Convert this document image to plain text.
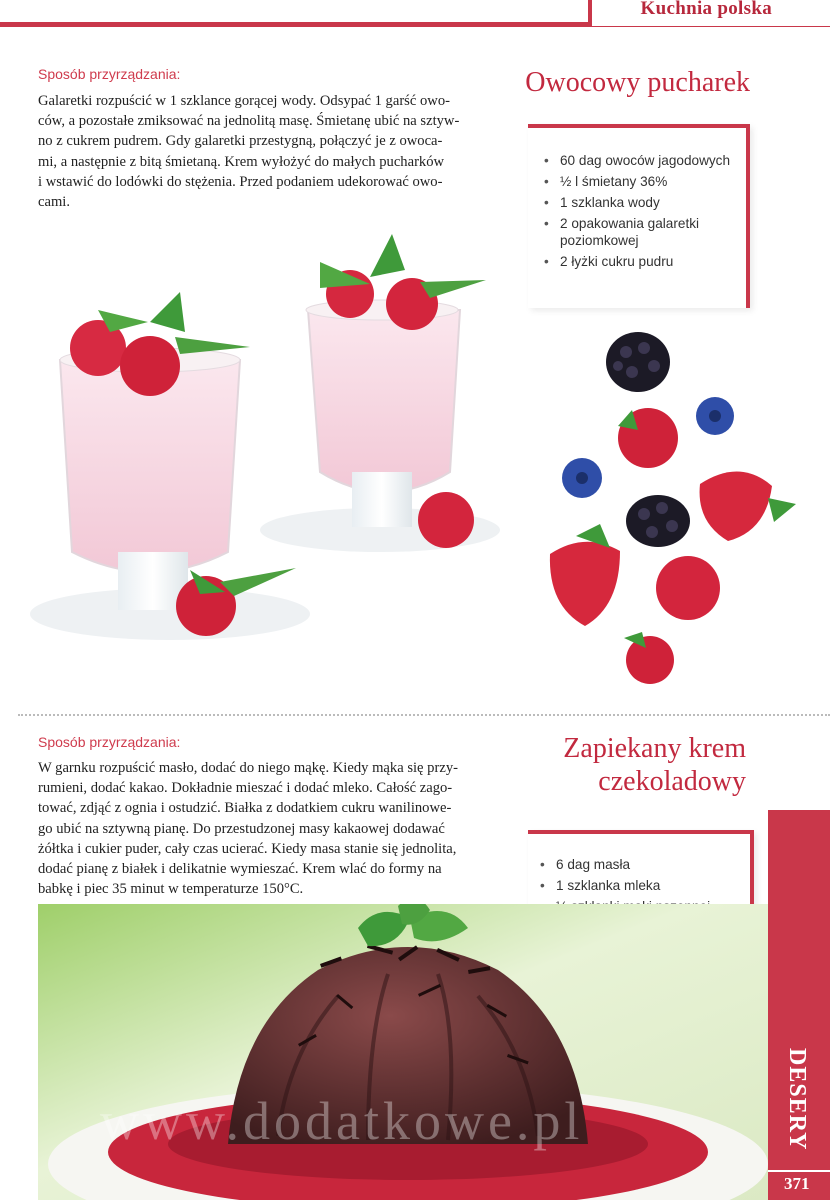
Kuchnia polska
Sposób przyrządzania:
Galaretki rozpuścić w 1 szklance gorącej wody. Odsypać 1 garść owo-
ców, a pozostałe zmiksować na jednolitą masę. Śmietanę ubić na sztyw-
no z cukrem pudrem. Gdy galaretki przestygną, połączyć je z owoca-
mi, a następnie z bitą śmietaną. Krem wyłożyć do małych pucharków
i wstawić do lodówki do stężenia. Przed podaniem udekorować owo-
cami.
Owocowy pucharek
• 60 dag owoców jagodowych
• ½ l śmietany 36%
• 1 szklanka wody
• 2 opakowania galaretki poziomkowej
• 2 łyżki cukru pudru
Sposób przyrządzania:
W garnku rozpuścić masło, dodać do niego mąkę. Kiedy mąka się przy-
rumieni, dodać kakao. Dokładnie mieszać i dodać mleko. Całość zago-
tować, zdjąć z ognia i ostudzić. Białka z dodatkiem cukru wanilinowe-
go ubić na sztywną pianę. Do przestudzonej masy kakaowej dodawać
żółtka i cukier puder, cały czas ucierać. Kiedy masa stanie się jednolita,
dodać pianę z białek i delikatnie wymieszać. Krem wlać do formy na
babkę i piec 35 minut w temperaturze 150°C.
Zapiekany krem
czekoladowy
• 6 dag masła
• 1 szklanka mleka
•
•
•
•
•
www.dodatkowe.pl	DESERY
371
